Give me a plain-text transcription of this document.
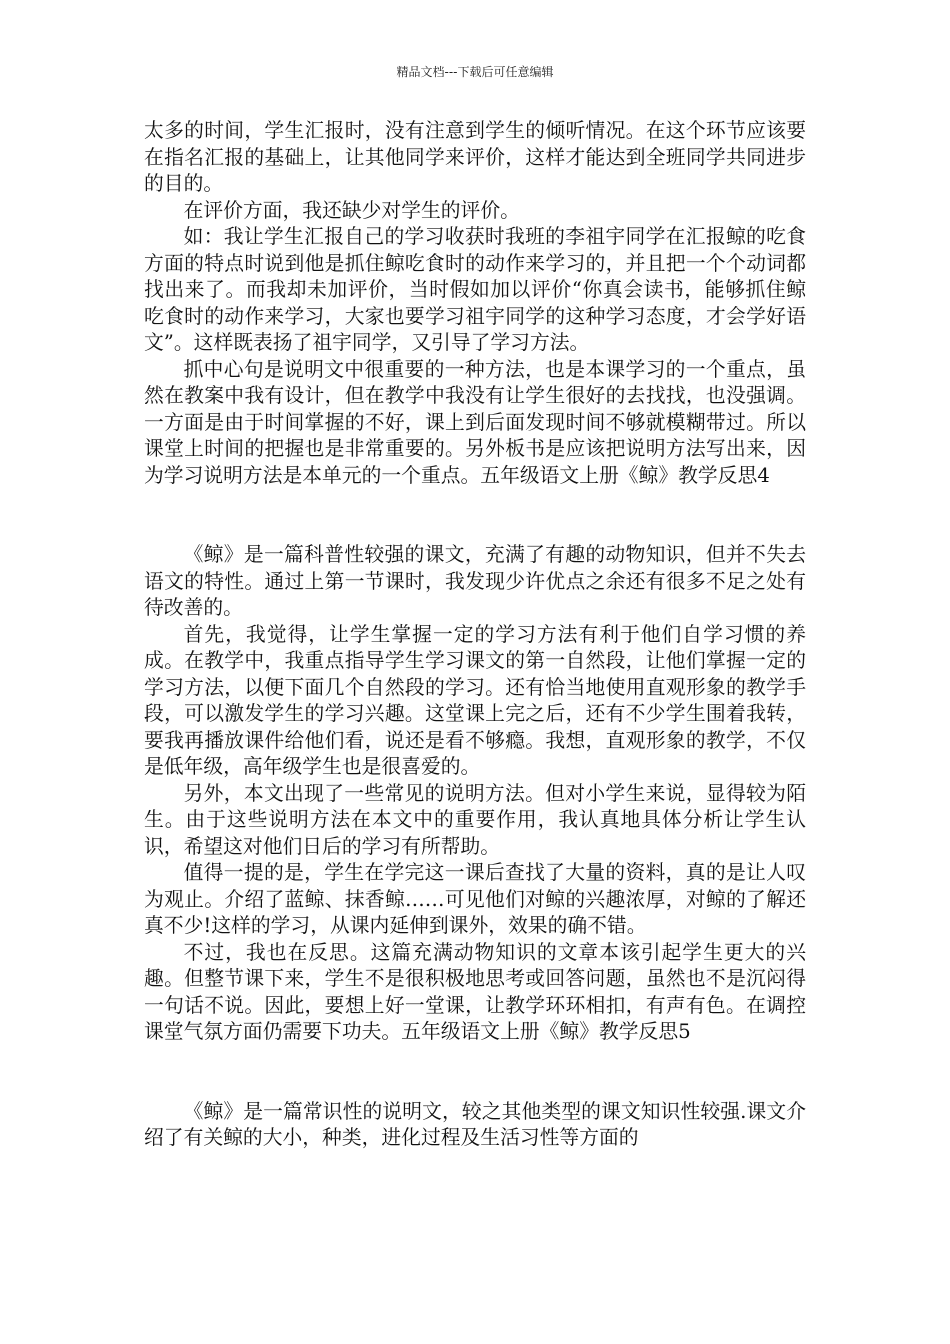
精品文档---下载后可任意编辑

太多的时间，学生汇报时，没有注意到学生的倾听情况。在这个环节应该要在指名汇报的基础上，让其他同学来评价，这样才能达到全班同学共同进步的目的。

在评价方面，我还缺少对学生的评价。

如：我让学生汇报自己的学习收获时我班的李祖宇同学在汇报鲸的吃食方面的特点时说到他是抓住鲸吃食时的动作来学习的，并且把一个个动词都找出来了。而我却未加评价，当时假如加以评价“你真会读书，能够抓住鲸吃食时的动作来学习，大家也要学习祖宇同学的这种学习态度，才会学好语文”。这样既表扬了祖宇同学，又引导了学习方法。

抓中心句是说明文中很重要的一种方法，也是本课学习的一个重点，虽然在教案中我有设计，但在教学中我没有让学生很好的去找找，也没强调。一方面是由于时间掌握的不好，课上到后面发现时间不够就模糊带过。所以课堂上时间的把握也是非常重要的。另外板书是应该把说明方法写出来，因为学习说明方法是本单元的一个重点。五年级语文上册《鲸》教学反思4

《鲸》是一篇科普性较强的课文，充满了有趣的动物知识，但并不失去语文的特性。通过上第一节课时，我发现少许优点之余还有很多不足之处有待改善的。

首先，我觉得，让学生掌握一定的学习方法有利于他们自学习惯的养成。在教学中，我重点指导学生学习课文的第一自然段，让他们掌握一定的学习方法，以便下面几个自然段的学习。还有恰当地使用直观形象的教学手段，可以激发学生的学习兴趣。这堂课上完之后，还有不少学生围着我转，要我再播放课件给他们看，说还是看不够瘾。我想，直观形象的教学，不仅是低年级，高年级学生也是很喜爱的。

另外，本文出现了一些常见的说明方法。但对小学生来说，显得较为陌生。由于这些说明方法在本文中的重要作用，我认真地具体分析让学生认识，希望这对他们日后的学习有所帮助。

值得一提的是，学生在学完这一课后查找了大量的资料，真的是让人叹为观止。介绍了蓝鲸、抹香鲸……可见他们对鲸的兴趣浓厚，对鲸的了解还真不少!这样的学习，从课内延伸到课外，效果的确不错。

不过，我也在反思。这篇充满动物知识的文章本该引起学生更大的兴趣。但整节课下来，学生不是很积极地思考或回答问题，虽然也不是沉闷得一句话不说。因此，要想上好一堂课，让教学环环相扣，有声有色。在调控课堂气氛方面仍需要下功夫。五年级语文上册《鲸》教学反思5

《鲸》是一篇常识性的说明文，较之其他类型的课文知识性较强.课文介绍了有关鲸的大小，种类，进化过程及生活习性等方面的
